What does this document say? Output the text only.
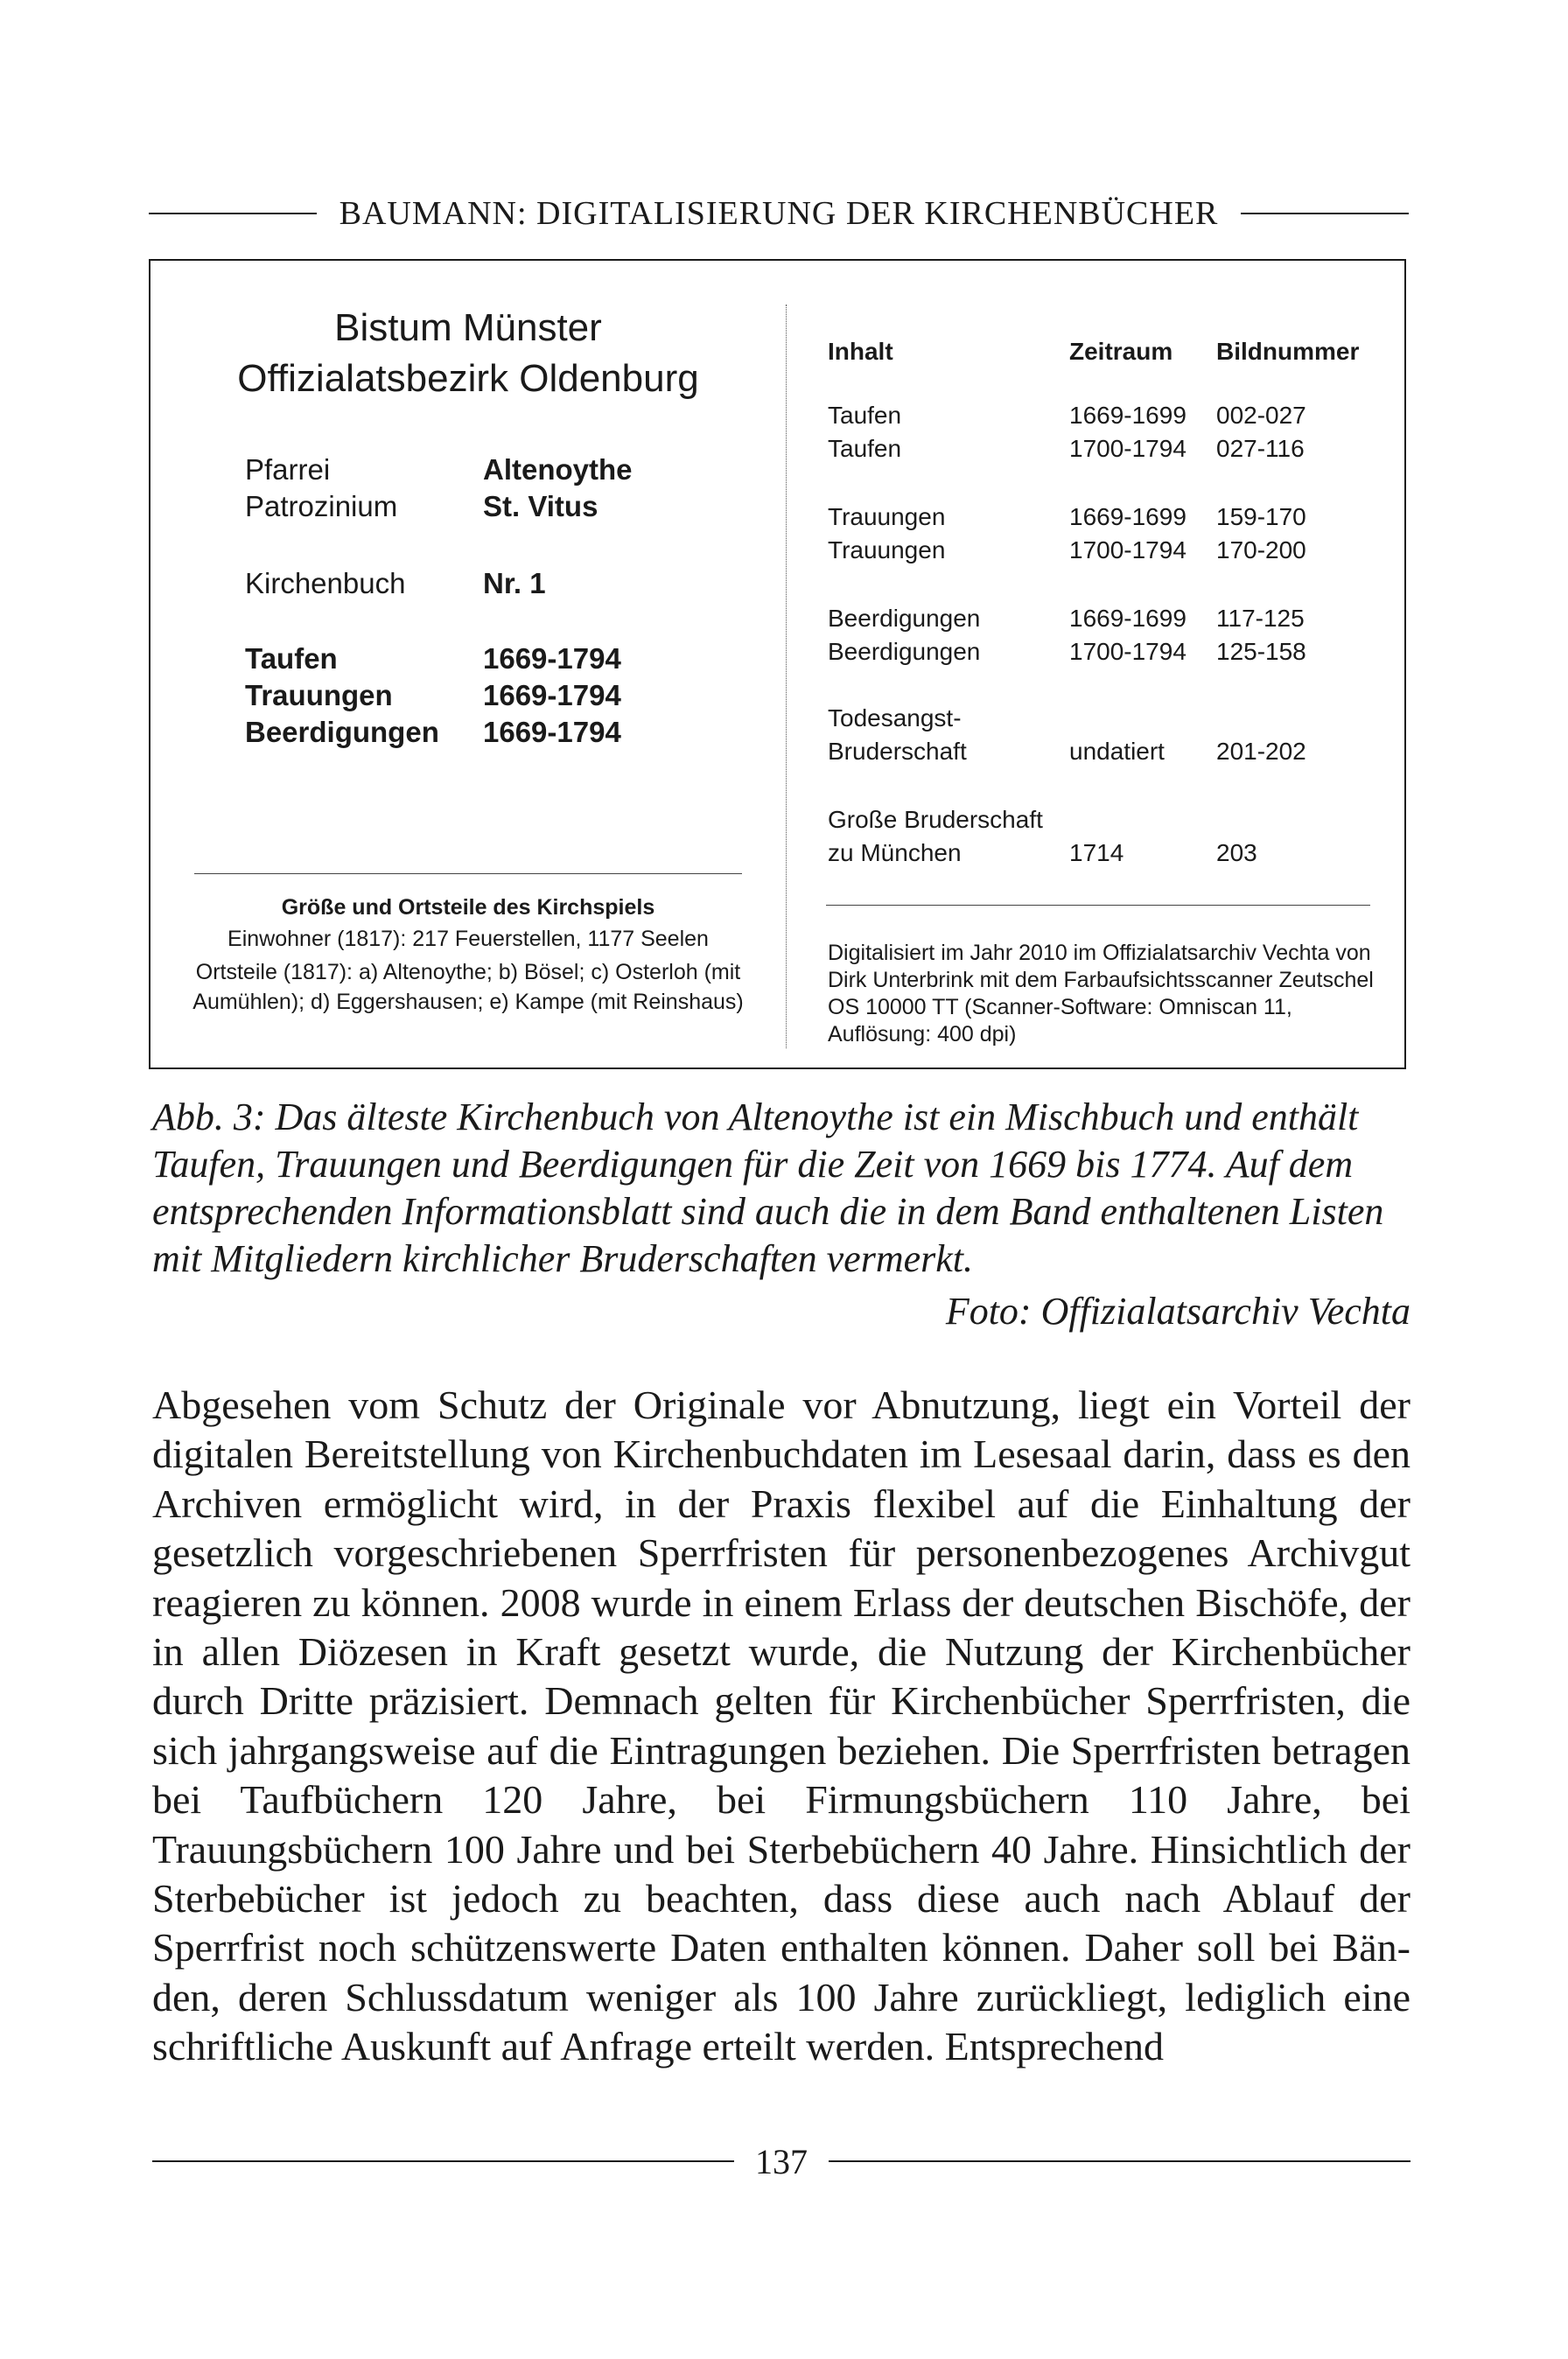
BAUMANN: DIGITALISIERUNG DER KIRCHENBÜCHER
Bistum Münster
Offizialatsbezirk Oldenburg
Pfarrei	Altenoythe
Patrozinium	St. Vitus
Kirchenbuch	Nr. 1
Taufen	1669-1794
Trauungen	1669-1794
Beerdigungen 1669-1794
Größe und Ortsteile des Kirchspiels
Einwohner (1817): 217 Feuerstellen, 1177 Seelen
Ortsteile (1817): a) Altenoythe; b) Bösel; c) Osterloh (mit Aumühlen); d) Eggershausen; e) Kampe (mit Reinshaus)
Inhalt	Zeitraum	Bildnummer
Taufen	1669-1699	002-027
Taufen	1700-1794	027-116
Trauungen	1669-1699	159-170
Trauungen	1700-1794	170-200
Beerdigungen	1669-1699	117-125
Beerdigungen	1700-1794	125-158
Todesangst-
Bruderschaft	undatiert	201-202
Große Bruderschaft
zu München	1714	203
Digitalisiert im Jahr 2010 im Offizialatsarchiv Vechta von Dirk Unterbrink mit dem Farbaufsichtsscanner Zeutschel OS 10000 TT (Scanner-Software: Omniscan 11, Auflösung: 400 dpi)
Abb. 3: Das älteste Kirchenbuch von Altenoythe ist ein Mischbuch und enthält Taufen, Trauungen und Beerdigungen für die Zeit von 1669 bis 1774. Auf dem entsprechenden Informationsblatt sind auch die in dem Band enthaltenen Listen mit Mitgliedern kirchlicher Bruderschaften vermerkt.
Foto: Offizialatsarchiv Vechta
Abgesehen vom Schutz der Originale vor Abnutzung, liegt ein Vorteil der digitalen Bereitstellung von Kirchenbuchdaten im Lesesaal darin, dass es den Archiven ermöglicht wird, in der Praxis flexibel auf die Einhaltung der gesetzlich vorgeschriebenen Sperrfristen für personenbezogenes Archivgut reagieren zu können. 2008 wurde in einem Erlass der deutschen Bischöfe, der in allen Diözesen in Kraft gesetzt wurde, die Nutzung der Kirchenbücher durch Dritte präzisiert. Demnach gelten für Kirchenbücher Sperrfristen, die sich jahrgangsweise auf die Eintragungen beziehen. Die Sperrfristen betragen bei Taufbüchern 120 Jahre, bei Firmungsbüchern 110 Jahre, bei Trauungsbüchern 100 Jahre und bei Sterbebüchern 40 Jahre. Hinsichtlich der Sterbebücher ist jedoch zu beachten, dass diese auch nach Ablauf der Sperrfrist noch schützenswerte Daten enthalten können. Daher soll bei Bänden, deren Schlussdatum weniger als 100 Jahre zurückliegt, lediglich eine schriftliche Auskunft auf Anfrage erteilt werden. Entsprechend
137
